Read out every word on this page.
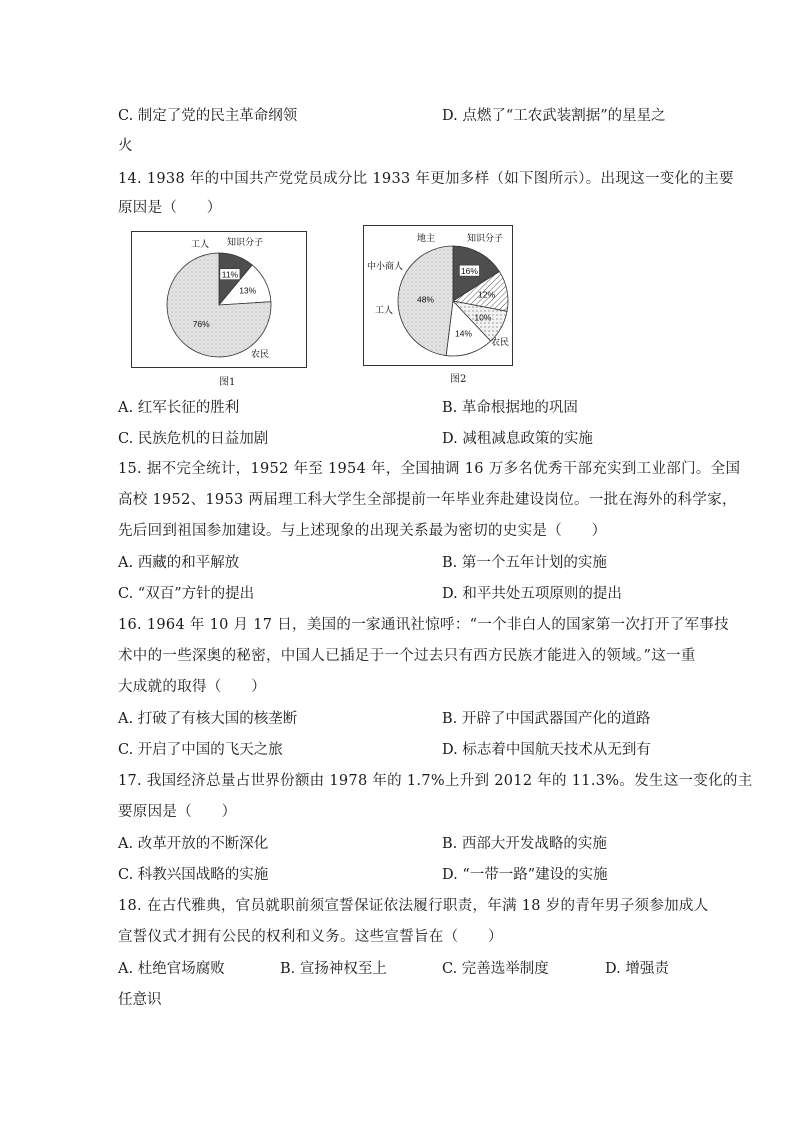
C. 制定了党的民主革命纲领	D. 点燃了“工农武装割据”的星星之
火
14. 1938 年的中国共产党党员成分比 1933 年更加多样（如下图所示）。出现这一变化的主要
原因是（　　）
11%
13%
76%
工人 知识分子
农民
图1
16%
12%
10%
14%
48%
地主	知识分子
中小商人
工人
农民
图2
A. 红军长征的胜利	B. 革命根据地的巩固
C. 民族危机的日益加剧	D. 减租减息政策的实施
15. 据不完全统计，1952 年至 1954 年，全国抽调 16 万多名优秀干部充实到工业部门。全国
高校 1952、1953 两届理工科大学生全部提前一年毕业奔赴建设岗位。一批在海外的科学家，
先后回到祖国参加建设。与上述现象的出现关系最为密切的史实是（　　）
A. 西藏的和平解放	B. 第一个五年计划的实施
C. “双百”方针的提出	D. 和平共处五项原则的提出
16. 1964 年 10 月 17 日，美国的一家通讯社惊呼：“一个非白人的国家第一次打开了军事技
术中的一些深奥的秘密，中国人已插足于一个过去只有西方民族才能进入的领域。”这一重
大成就的取得（　　）
A. 打破了有核大国的核垄断	B. 开辟了中国武器国产化的道路
C. 开启了中国的飞天之旅	D. 标志着中国航天技术从无到有
17. 我国经济总量占世界份额由 1978 年的 1.7%上升到 2012 年的 11.3%。发生这一变化的主
要原因是（　　）
A. 改革开放的不断深化	B. 西部大开发战略的实施
C. 科教兴国战略的实施	D. “一带一路”建设的实施
18. 在古代雅典，官员就职前须宣誓保证依法履行职责，年满 18 岁的青年男子须参加成人
宣誓仪式才拥有公民的权利和义务。这些宣誓旨在（　　）
A. 杜绝官场腐败	B. 宣扬神权至上	C. 完善选举制度	D. 增强责
任意识
